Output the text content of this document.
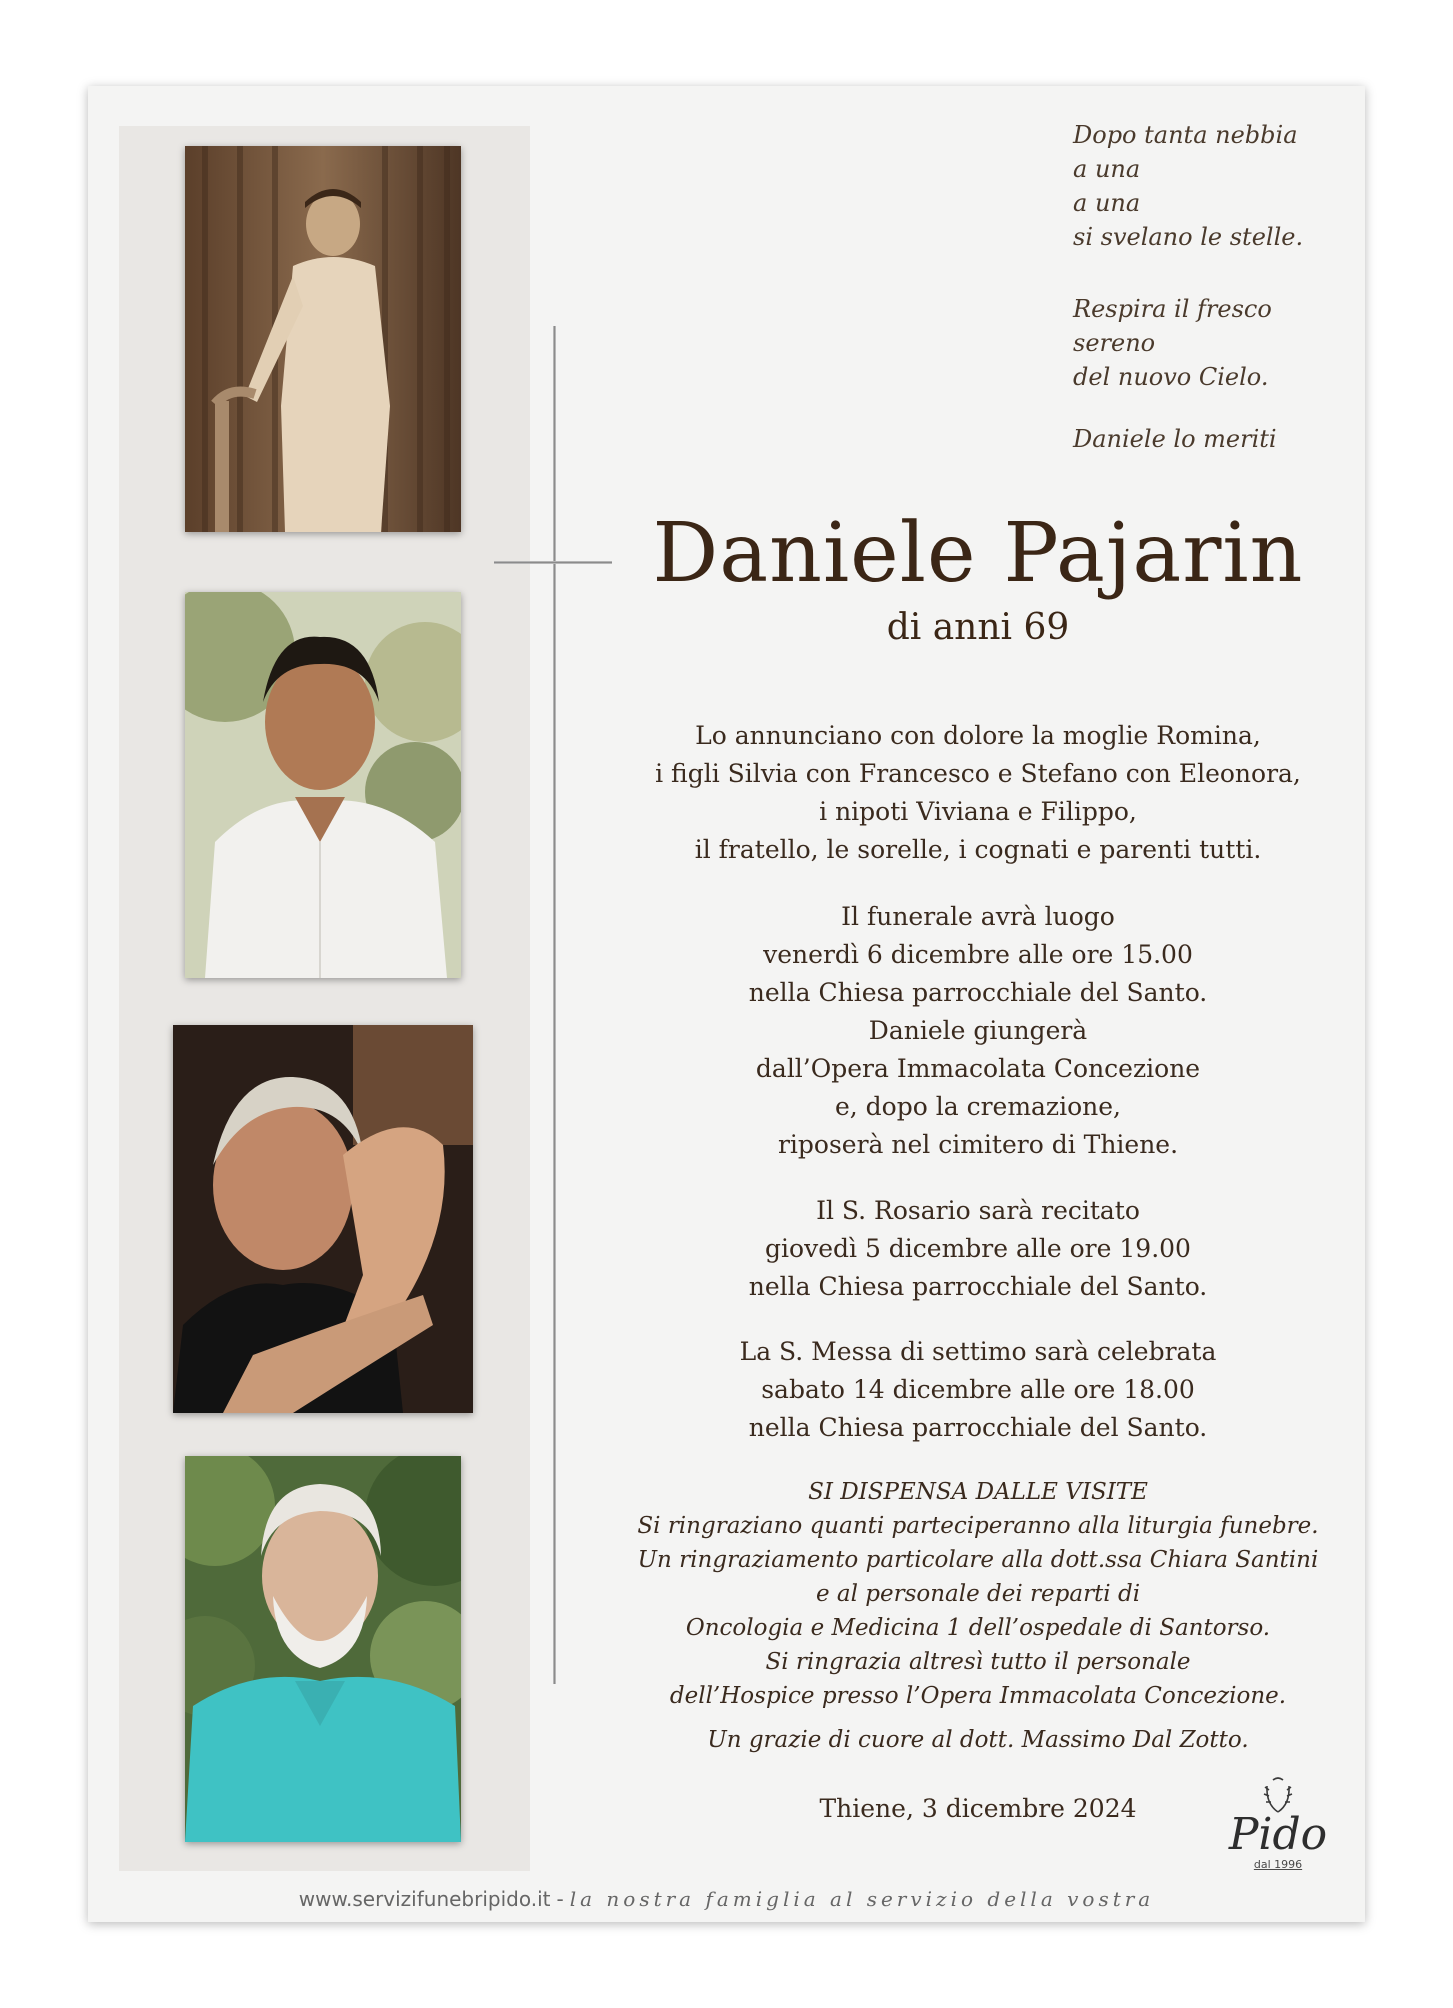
Dopo tanta nebbia

a una

a una

si svelano le stelle.

Respira il fresco

sereno

del nuovo Cielo.

Daniele lo meriti

Daniele Pajarin
di anni 69

Lo annunciano con dolore la moglie Romina,

i figli Silvia con Francesco e Stefano con Eleonora,

i nipoti Viviana e Filippo,

il fratello, le sorelle, i cognati e parenti tutti.

Il funerale avrà luogo

venerdì 6 dicembre alle ore 15.00

nella Chiesa parrocchiale del Santo.

Daniele giungerà

dall’Opera Immacolata Concezione

e, dopo la cremazione,

riposerà nel cimitero di Thiene.

Il S. Rosario sarà recitato

giovedì 5 dicembre alle ore 19.00

nella Chiesa parrocchiale del Santo.

La S. Messa di settimo sarà celebrata

sabato 14 dicembre alle ore 18.00

nella Chiesa parrocchiale del Santo.

SI DISPENSA DALLE VISITE

Si ringraziano quanti parteciperanno alla liturgia funebre.

Un ringraziamento particolare alla dott.ssa Chiara Santini

e al personale dei reparti di

Oncologia e Medicina 1 dell’ospedale di Santorso.

Si ringrazia altresì tutto il personale

dell’Hospice presso l’Opera Immacolata Concezione.

Un grazie di cuore al dott. Massimo Dal Zotto.

Thiene, 3 dicembre 2024
Pido
dal 1996
www.servizifunebripido.it - la nostra famiglia al servizio della vostra
